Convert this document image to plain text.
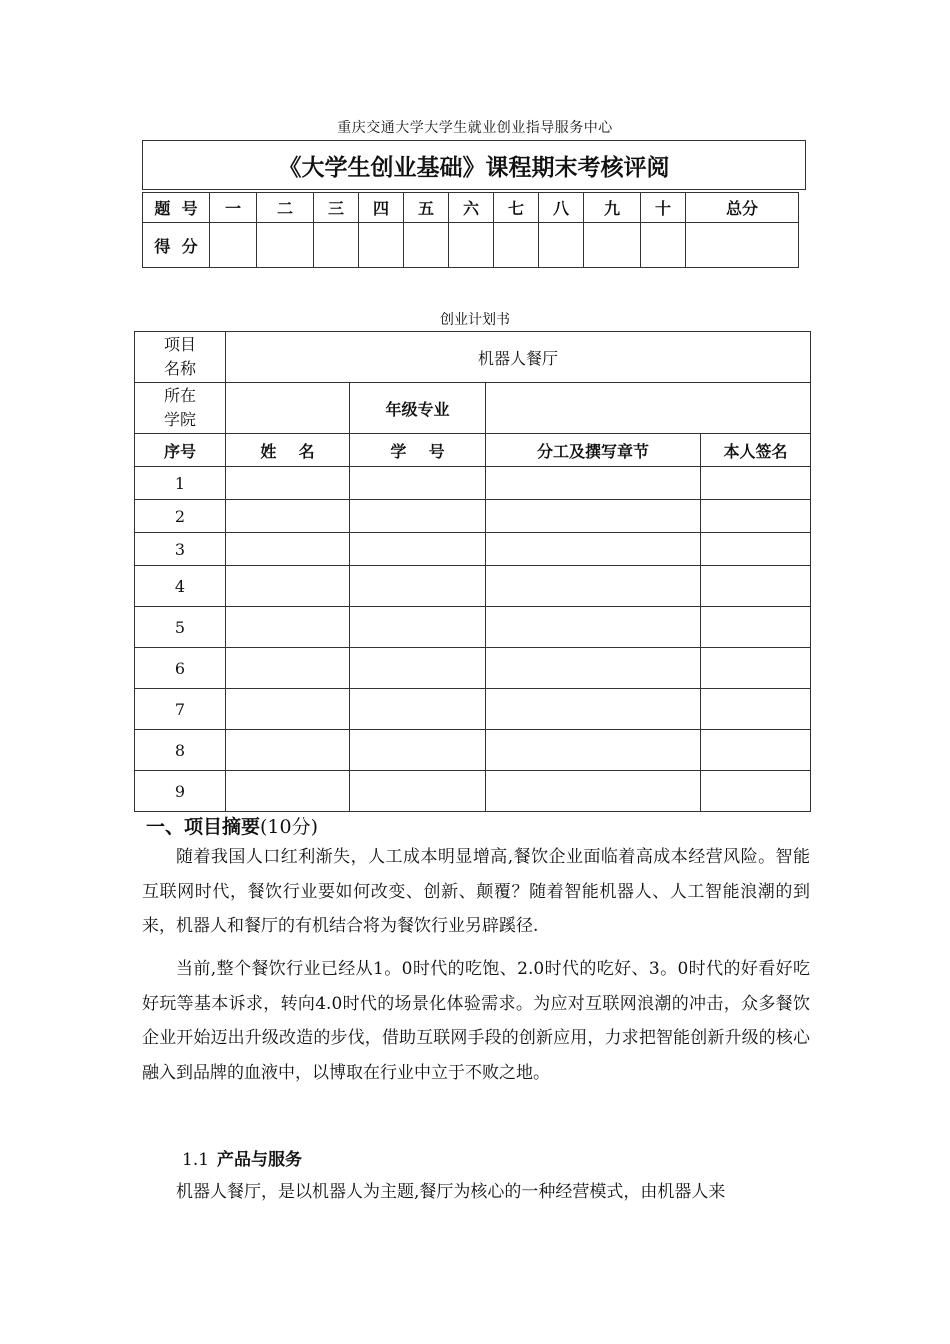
重庆交通大学大学生就业创业指导服务中心
《大学生创业基础》课程期末考核评阅
题  号	一	二	三	四	五	六	七	八	九	十	总分
得  分											
创业计划书
项目
名称	机器人餐厅			

所在
学院		年级专业		
序号	姓    名	学    号	分工及撰写章节	本人签名
1				
2				
3				
4				
5				
6				
7				
8				
9				
一、项目摘要(10分)

随着我国人口红利渐失，人工成本明显增高,餐饮企业面临着高成本经营风险。智能互联网时代，餐饮行业要如何改变、创新、颠覆？随着智能机器人、人工智能浪潮的到来，机器人和餐厅的有机结合将为餐饮行业另辟蹊径.

当前,整个餐饮行业已经从1。0时代的吃饱、2.0时代的吃好、3。0时代的好看好吃好玩等基本诉求，转向4.0时代的场景化体验需求。为应对互联网浪潮的冲击，众多餐饮企业开始迈出升级改造的步伐，借助互联网手段的创新应用，力求把智能创新升级的核心融入到品牌的血液中，以博取在行业中立于不败之地。

1.1 产品与服务

机器人餐厅，是以机器人为主题,餐厅为核心的一种经营模式，由机器人来
